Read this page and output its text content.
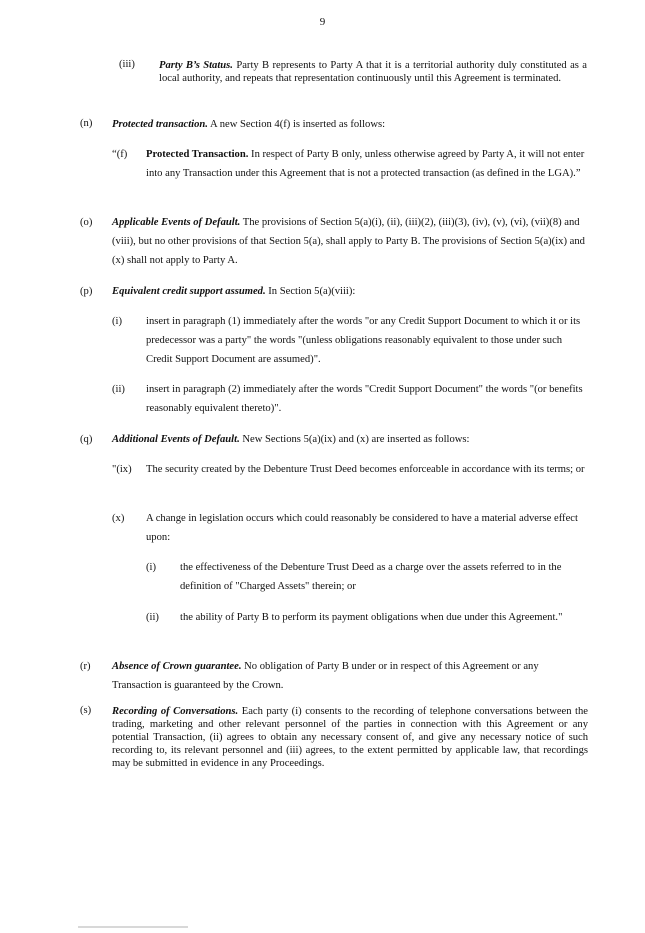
9
(iii) Party B’s Status. Party B represents to Party A that it is a territorial authority duly constituted as a local authority, and repeats that representation continuously until this Agreement is terminated.
(n) Protected transaction. A new Section 4(f) is inserted as follows:
“(f) Protected Transaction. In respect of Party B only, unless otherwise agreed by Party A, it will not enter into any Transaction under this Agreement that is not a protected transaction (as defined in the LGA).”
(o) Applicable Events of Default. The provisions of Section 5(a)(i), (ii), (iii)(2), (iii)(3), (iv), (v), (vi), (vii)(8) and (viii), but no other provisions of that Section 5(a), shall apply to Party B. The provisions of Section 5(a)(ix) and (x) shall not apply to Party A.
(p) Equivalent credit support assumed. In Section 5(a)(viii):
(i) insert in paragraph (1) immediately after the words "or any Credit Support Document to which it or its predecessor was a party" the words "(unless obligations reasonably equivalent to those under such Credit Support Document are assumed)".
(ii) insert in paragraph (2) immediately after the words "Credit Support Document" the words "(or benefits reasonably equivalent thereto)".
(q) Additional Events of Default. New Sections 5(a)(ix) and (x) are inserted as follows:
"(ix) The security created by the Debenture Trust Deed becomes enforceable in accordance with its terms; or
(x) A change in legislation occurs which could reasonably be considered to have a material adverse effect upon:
(i) the effectiveness of the Debenture Trust Deed as a charge over the assets referred to in the definition of "Charged Assets" therein; or
(ii) the ability of Party B to perform its payment obligations when due under this Agreement."
(r) Absence of Crown guarantee. No obligation of Party B under or in respect of this Agreement or any Transaction is guaranteed by the Crown.
(s) Recording of Conversations. Each party (i) consents to the recording of telephone conversations between the trading, marketing and other relevant personnel of the parties in connection with this Agreement or any potential Transaction, (ii) agrees to obtain any necessary consent of, and give any necessary notice of such recording to, its relevant personnel and (iii) agrees, to the extent permitted by applicable law, that recordings may be submitted in evidence in any Proceedings.
